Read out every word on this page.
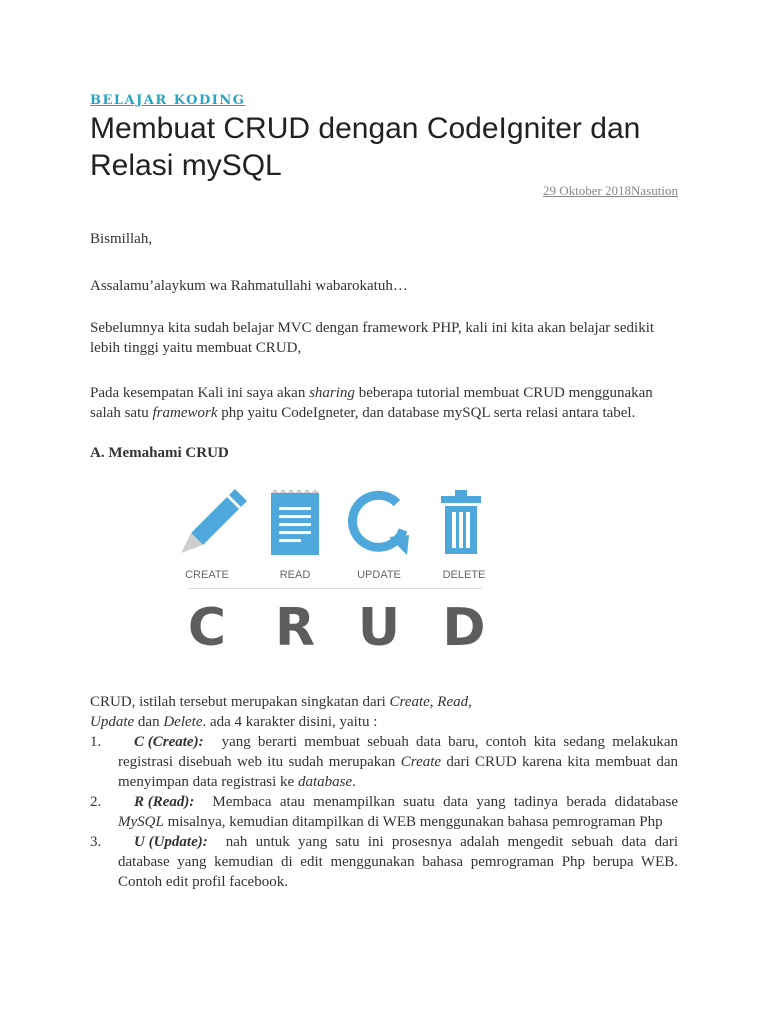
BELAJAR KODING
Membuat CRUD dengan CodeIgniter dan Relasi mySQL
29 Oktober 2018Nasution

Bismillah,

Assalamu’alaykum wa Rahmatullahi wabarokatuh…

Sebelumnya kita sudah belajar MVC dengan framework PHP, kali ini kita akan belajar sedikit lebih tinggi yaitu membuat CRUD,

Pada kesempatan Kali ini saya akan sharing beberapa tutorial membuat CRUD menggunakan salah satu framework php yaitu CodeIgneter, dan database mySQL serta relasi antara tabel.

A. Memahami CRUD
CREATE	READ	UPDATE	DELETE
C R U D

CRUD, istilah tersebut merupakan singkatan dari Create, Read,
Update dan Delete. ada 4 karakter disini, yaitu :

1. C (Create): yang berarti membuat sebuah data baru, contoh kita sedang melakukan registrasi disebuah web itu sudah merupakan Create dari CRUD karena kita membuat dan menyimpan data registrasi ke database.
2. R (Read): Membaca atau menampilkan suatu data yang tadinya berada didatabase MySQL misalnya, kemudian ditampilkan di WEB menggunakan bahasa pemrograman Php
3. U (Update): nah untuk yang satu ini prosesnya adalah mengedit sebuah data dari database yang kemudian di edit menggunakan bahasa pemrograman Php berupa WEB. Contoh edit profil facebook.
